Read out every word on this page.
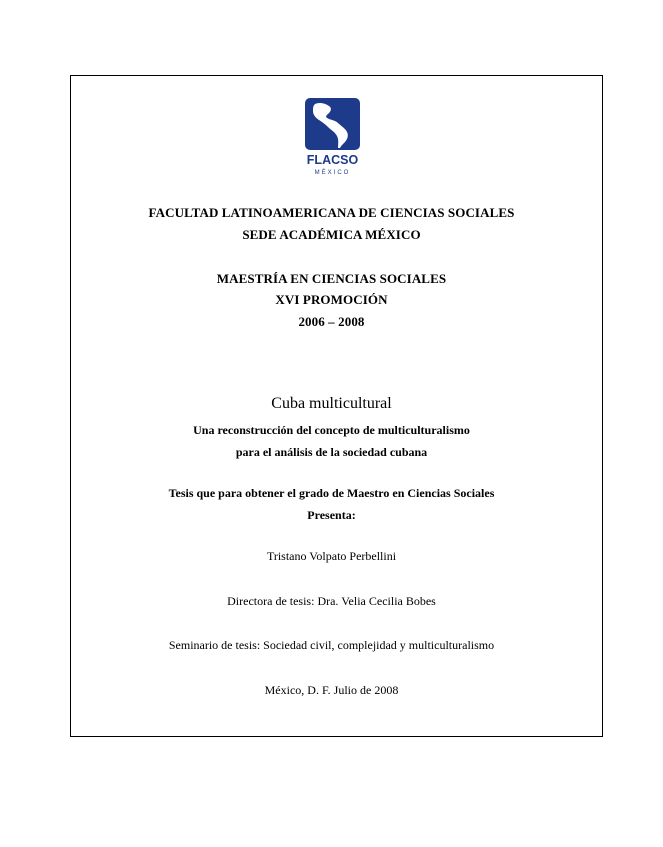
FLACSO
MÉXICO
FACULTAD LATINOAMERICANA DE CIENCIAS SOCIALES
SEDE ACADÉMICA MÉXICO
MAESTRÍA EN CIENCIAS SOCIALES
XVI PROMOCIÓN
2006 – 2008
Cuba multicultural
Una reconstrucción del concepto de multiculturalismo
para el análisis de la sociedad cubana
Tesis que para obtener el grado de Maestro en Ciencias Sociales
Presenta:
Tristano Volpato Perbellini
Directora de tesis: Dra. Velia Cecilia Bobes
Seminario de tesis: Sociedad civil, complejidad y multiculturalismo
México, D. F. Julio de 2008
